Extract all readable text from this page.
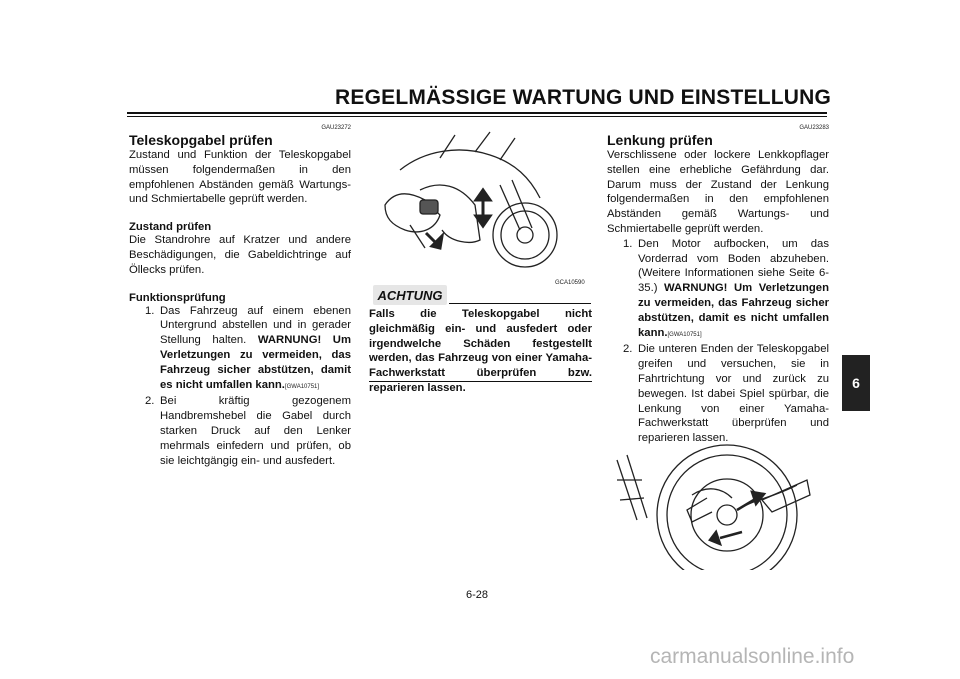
REGELMÄSSIGE WARTUNG UND EINSTELLUNG
GAU23272
Teleskopgabel prüfen
Zustand und Funktion der Teleskopgabel müssen folgendermaßen in den empfohlenen Abständen gemäß Wartungs- und Schmiertabelle geprüft werden.
Zustand prüfen
Die Standrohre auf Kratzer und andere Beschädigungen, die Gabeldichtringe auf Öllecks prüfen.
Funktionsprüfung
1. Das Fahrzeug auf einem ebenen Untergrund abstellen und in gerader Stellung halten. WARNUNG! Um Verletzungen zu vermeiden, das Fahrzeug sicher abstützen, damit es nicht umfallen kann.[GWA10751]
2. Bei kräftig gezogenem Handbremshebel die Gabel durch starken Druck auf den Lenker mehrmals einfedern und prüfen, ob sie leichtgängig ein- und ausfedert.
GCA10590
ACHTUNG
Falls die Teleskopgabel nicht gleichmäßig ein- und ausfedert oder irgendwelche Schäden festgestellt werden, das Fahrzeug von einer Yamaha-Fachwerkstatt überprüfen bzw. reparieren lassen.
GAU23283
Lenkung prüfen
Verschlissene oder lockere Lenkkopflager stellen eine erhebliche Gefährdung dar. Darum muss der Zustand der Lenkung folgendermaßen in den empfohlenen Abständen gemäß Wartungs- und Schmiertabelle geprüft werden.
1. Den Motor aufbocken, um das Vorderrad vom Boden abzuheben. (Weitere Informationen siehe Seite 6-35.) WARNUNG! Um Verletzungen zu vermeiden, das Fahrzeug sicher abstützen, damit es nicht umfallen kann.[GWA10751]
2. Die unteren Enden der Teleskopgabel greifen und versuchen, sie in Fahrtrichtung vor und zurück zu bewegen. Ist dabei Spiel spürbar, die Lenkung von einer Yamaha-Fachwerkstatt überprüfen und reparieren lassen.
6
6-28
carmanualsonline.info
